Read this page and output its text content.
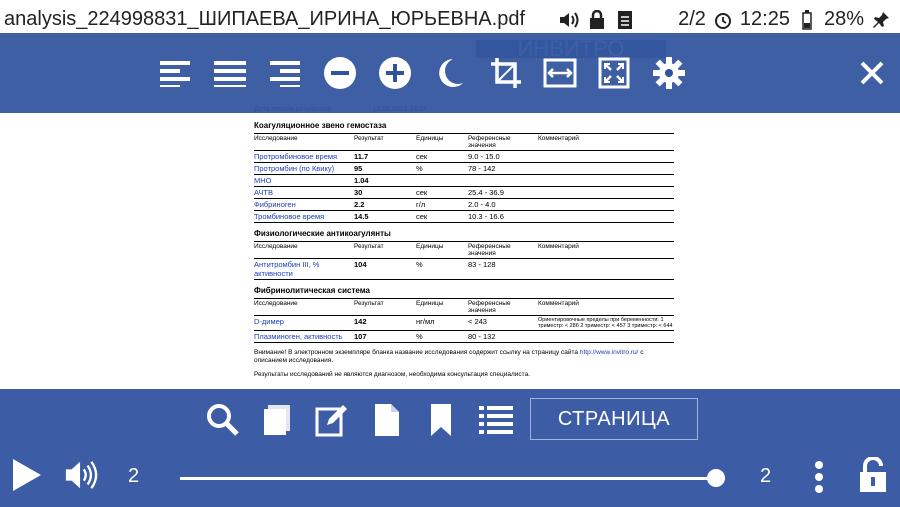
analysis_224998831_ШИПАЕВА_ИРИНА_ЮРЬЕВНА.pdf	2/2 12:25 28%
Коагуляционное звено гемостаза
Исследование	Результат	Единицы	Референсные значения	Комментарий
Протромбиновое время	11.7	сек	9.0 - 15.0	
Протромбин (по Квику)	95	%	78 - 142	
МНО	1.04			
АЧТВ	30	сек	25.4 - 36.9	
Фибриноген	2.2	г/л	2.0 - 4.0	
Тромбиновое время	14.5	сек	10.3 - 16.6	
Физиологические антикоагулянты
Исследование	Результат	Единицы	Референсные значения	Комментарий
Антитромбин III, % активности	104	%	83 - 128	
Фибринолитическая система
Исследование	Результат	Единицы	Референсные значения	Комментарий
D-димер	142	нг/мл	< 243	Ориентировочные пределы при беременности: 1 триместр: < 286 2 триместр: < 457 3 триместр: < 644
Плазминоген, активность	107	%	80 - 132	
Внимание! В электронном экземпляре бланка название исследования содержит ссылку на страницу сайта http://www.invitro.ru/ с описанием исследования.
Результаты исследований не являются диагнозом, необходима консультация специалиста.
СТРАНИЦА
2	2
